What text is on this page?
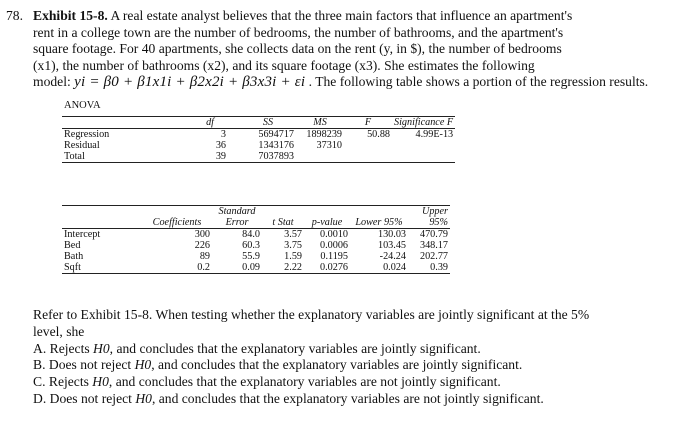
78. Exhibit 15-8. A real estate analyst believes that the three main factors that influence an apartment's
rent in a college town are the number of bedrooms, the number of bathrooms, and the apartment's
square footage. For 40 apartments, she collects data on the rent (y, in $), the number of bedrooms
(x1), the number of bathrooms (x2), and its square footage (x3). She estimates the following
model: yi = β0 + β1x1i + β2x2i + β3x3i + εi . The following table shows a portion of the regression results.
ANOVA
	df	SS	MS	F	Significance F
Regression	3	5694717	1898239	50.88	4.99E-13
Residual	36	1343176	37310		
Total	39	7037893			
	Coefficients	Standard Error	t Stat	p-value	Lower 95%	Upper 95%
Intercept	300	84.0	3.57	0.0010	130.03	470.79
Bed	226	60.3	3.75	0.0006	103.45	348.17
Bath	89	55.9	1.59	0.1195	-24.24	202.77
Sqft	0.2	0.09	2.22	0.0276	0.024	0.39
Refer to Exhibit 15-8. When testing whether the explanatory variables are jointly significant at the 5%
level, she

A. Rejects H0, and concludes that the explanatory variables are jointly significant.

B. Does not reject H0, and concludes that the explanatory variables are jointly significant.

C. Rejects H0, and concludes that the explanatory variables are not jointly significant.

D. Does not reject H0, and concludes that the explanatory variables are not jointly significant.
